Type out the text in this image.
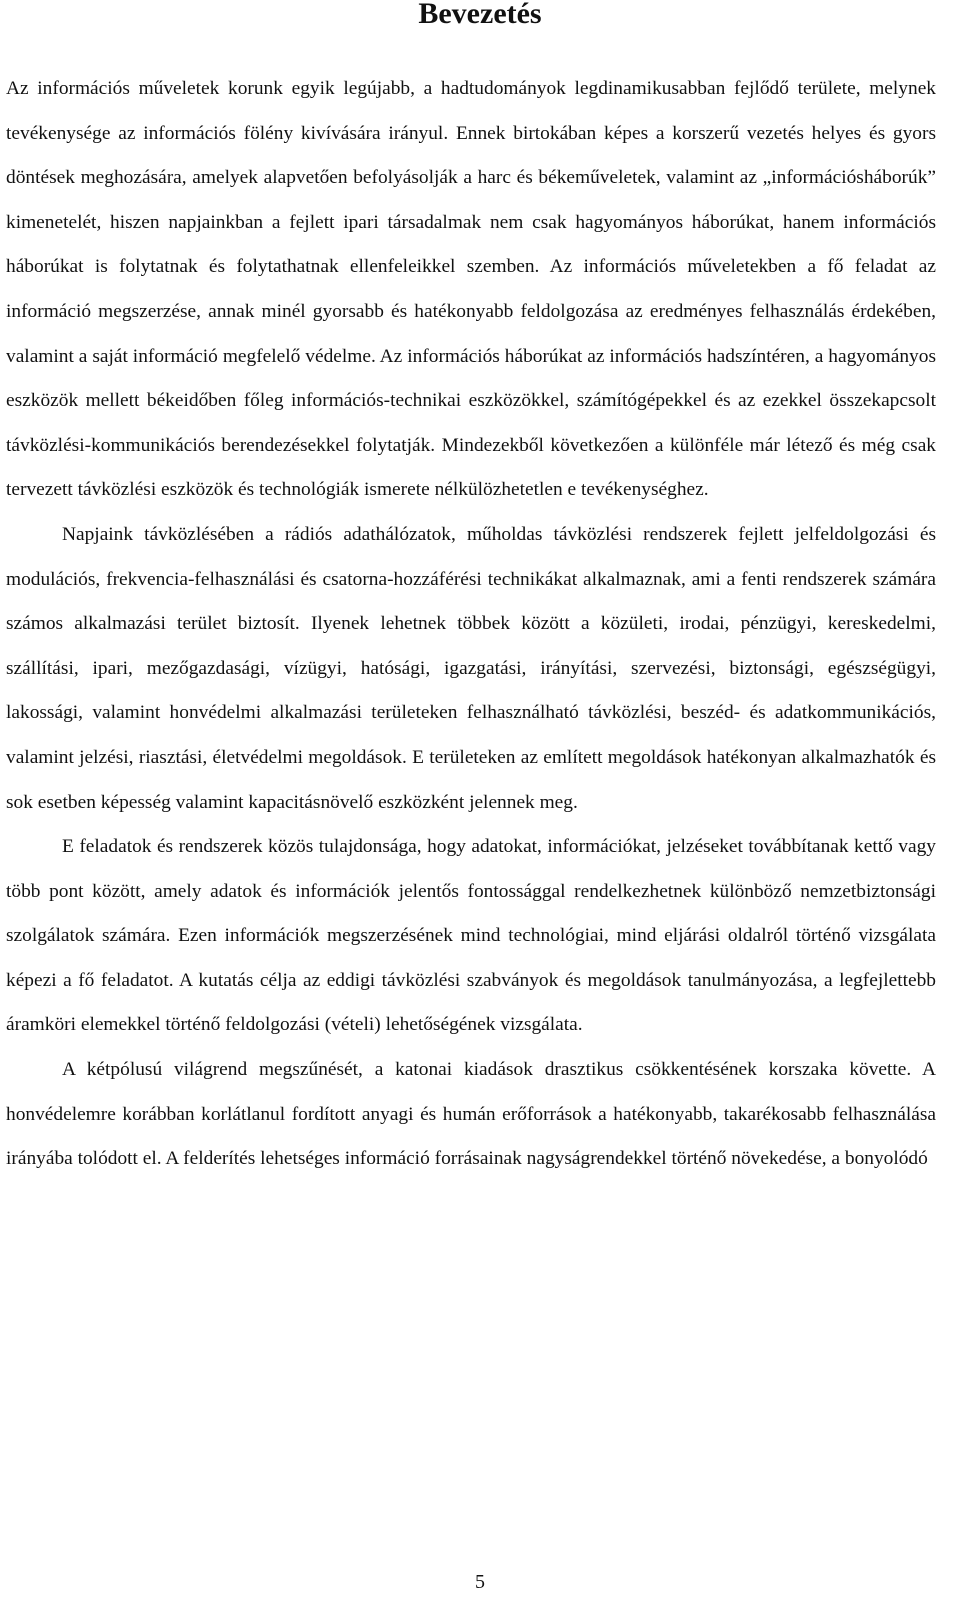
Bevezetés

Az információs műveletek korunk egyik legújabb, a hadtudományok legdinamikusabban fejlődő területe, melynek tevékenysége az információs fölény kivívására irányul. Ennek birtokában képes a korszerű vezetés helyes és gyors döntések meghozására, amelyek alapvetően befolyásolják a harc és békeműveletek, valamint az „információsháborúk” kimenetelét, hiszen napjainkban a fejlett ipari társadalmak nem csak hagyományos háborúkat, hanem információs háborúkat is folytatnak és folytathatnak ellenfeleikkel szemben. Az információs műveletekben a fő feladat az információ megszerzése, annak minél gyorsabb és hatékonyabb feldolgozása az eredményes felhasználás érdekében, valamint a saját információ megfelelő védelme. Az információs háborúkat az információs hadszíntéren, a hagyományos eszközök mellett békeidőben főleg információs-technikai eszközökkel, számítógépekkel és az ezekkel összekapcsolt távközlési-kommunikációs berendezésekkel folytatják. Mindezekből következően a különféle már létező és még csak tervezett távközlési eszközök és technológiák ismerete nélkülözhetetlen e tevékenységhez.

Napjaink távközlésében a rádiós adathálózatok, műholdas távközlési rendszerek fejlett jelfeldolgozási és modulációs, frekvencia-felhasználási és csatorna-hozzáférési technikákat alkalmaznak, ami a fenti rendszerek számára számos alkalmazási terület biztosít. Ilyenek lehetnek többek között a közületi, irodai, pénzügyi, kereskedelmi, szállítási, ipari, mezőgazdasági, vízügyi, hatósági, igazgatási, irányítási, szervezési, biztonsági, egészségügyi, lakossági, valamint honvédelmi alkalmazási területeken felhasználható távközlési, beszéd- és adatkommunikációs, valamint jelzési, riasztási, életvédelmi megoldások. E területeken az említett megoldások hatékonyan alkalmazhatók és sok esetben képesség valamint kapacitásnövelő eszközként jelennek meg.

E feladatok és rendszerek közös tulajdonsága, hogy adatokat, információkat, jelzéseket továbbítanak kettő vagy több pont között, amely adatok és információk jelentős fontossággal rendelkezhetnek különböző nemzetbiztonsági szolgálatok számára. Ezen információk megszerzésének mind technológiai, mind eljárási oldalról történő vizsgálata képezi a fő feladatot. A kutatás célja az eddigi távközlési szabványok és megoldások tanulmányozása, a legfejlettebb áramköri elemekkel történő feldolgozási (vételi) lehetőségének vizsgálata.

A kétpólusú világrend megszűnését, a katonai kiadások drasztikus csökkentésének korszaka követte. A honvédelemre korábban korlátlanul fordított anyagi és humán erőforrások a hatékonyabb, takarékosabb felhasználása irányába tolódott el. A felderítés lehetséges információ forrásainak nagyságrendekkel történő növekedése, a bonyolódó

5
